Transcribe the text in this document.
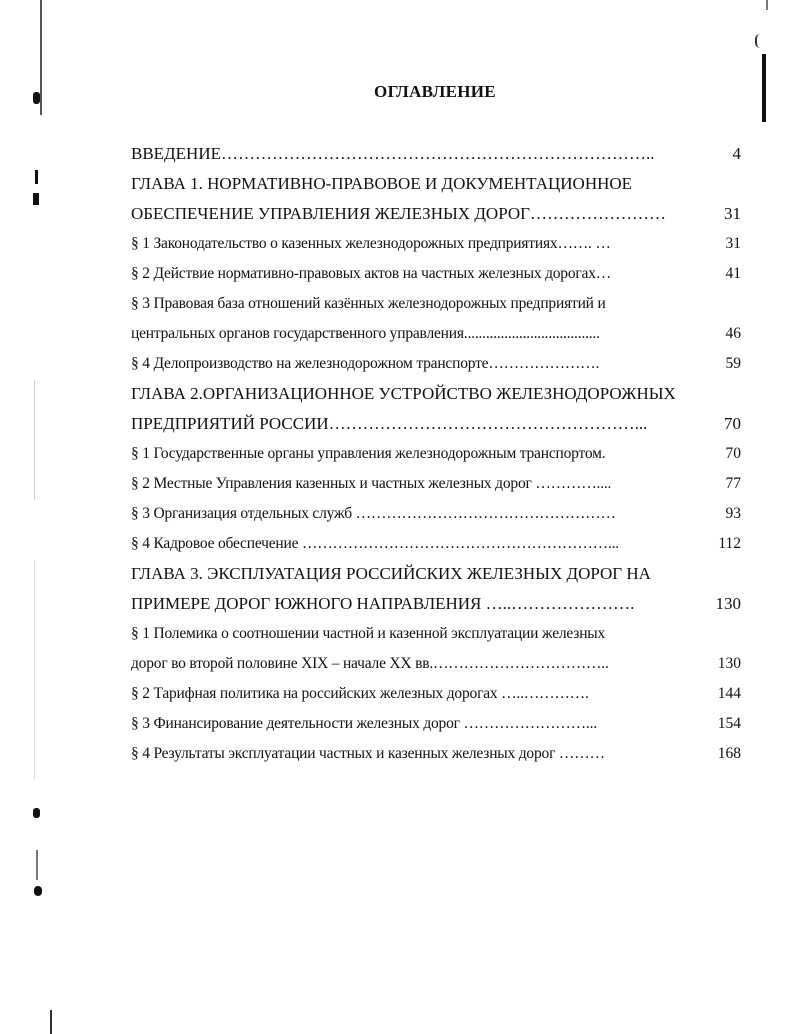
ОГЛАВЛЕНИЕ
ВВЕДЕНИЕ…………………………………………………………………..	4
ГЛАВА 1. НОРМАТИВНО-ПРАВОВОЕ И ДОКУМЕНТАЦИОННОЕ
ОБЕСПЕЧЕНИЕ УПРАВЛЕНИЯ ЖЕЛЕЗНЫХ ДОРОГ……………………	31
§ 1 Законодательство о казенных железнодорожных предприятиях……. …	31
§ 2 Действие нормативно-правовых актов на частных железных дорогах…	41
§ 3 Правовая база отношений казённых железнодорожных предприятий и
центральных органов государственного управления.....................................	46
§ 4 Делопроизводство на железнодорожном транспорте………………….	59
ГЛАВА 2.ОРГАНИЗАЦИОННОЕ УСТРОЙСТВО ЖЕЛЕЗНОДОРОЖНЫХ
ПРЕДПРИЯТИЙ РОССИИ………………………………………………...	70
§ 1 Государственные органы управления железнодорожным транспортом.	70
§ 2 Местные Управления казенных и частных железных дорог …………....	77
§ 3 Организация отдельных служб ……………………………………………	93
§ 4 Кадровое обеспечение ……………………………………………………...	112
ГЛАВА 3. ЭКСПЛУАТАЦИЯ РОССИЙСКИХ ЖЕЛЕЗНЫХ ДОРОГ НА
ПРИМЕРЕ ДОРОГ ЮЖНОГО НАПРАВЛЕНИЯ …..………………….	130
§ 1 Полемика о соотношении частной и казенной эксплуатации железных
дорог во второй половине XIX – начале XX вв.……………………………..	130
§ 2 Тарифная политика на российских железных дорогах …..………….	144
§ 3 Финансирование деятельности железных дорог ……………………...	154
§ 4 Результаты эксплуатации частных и казенных железных дорог ………	168
